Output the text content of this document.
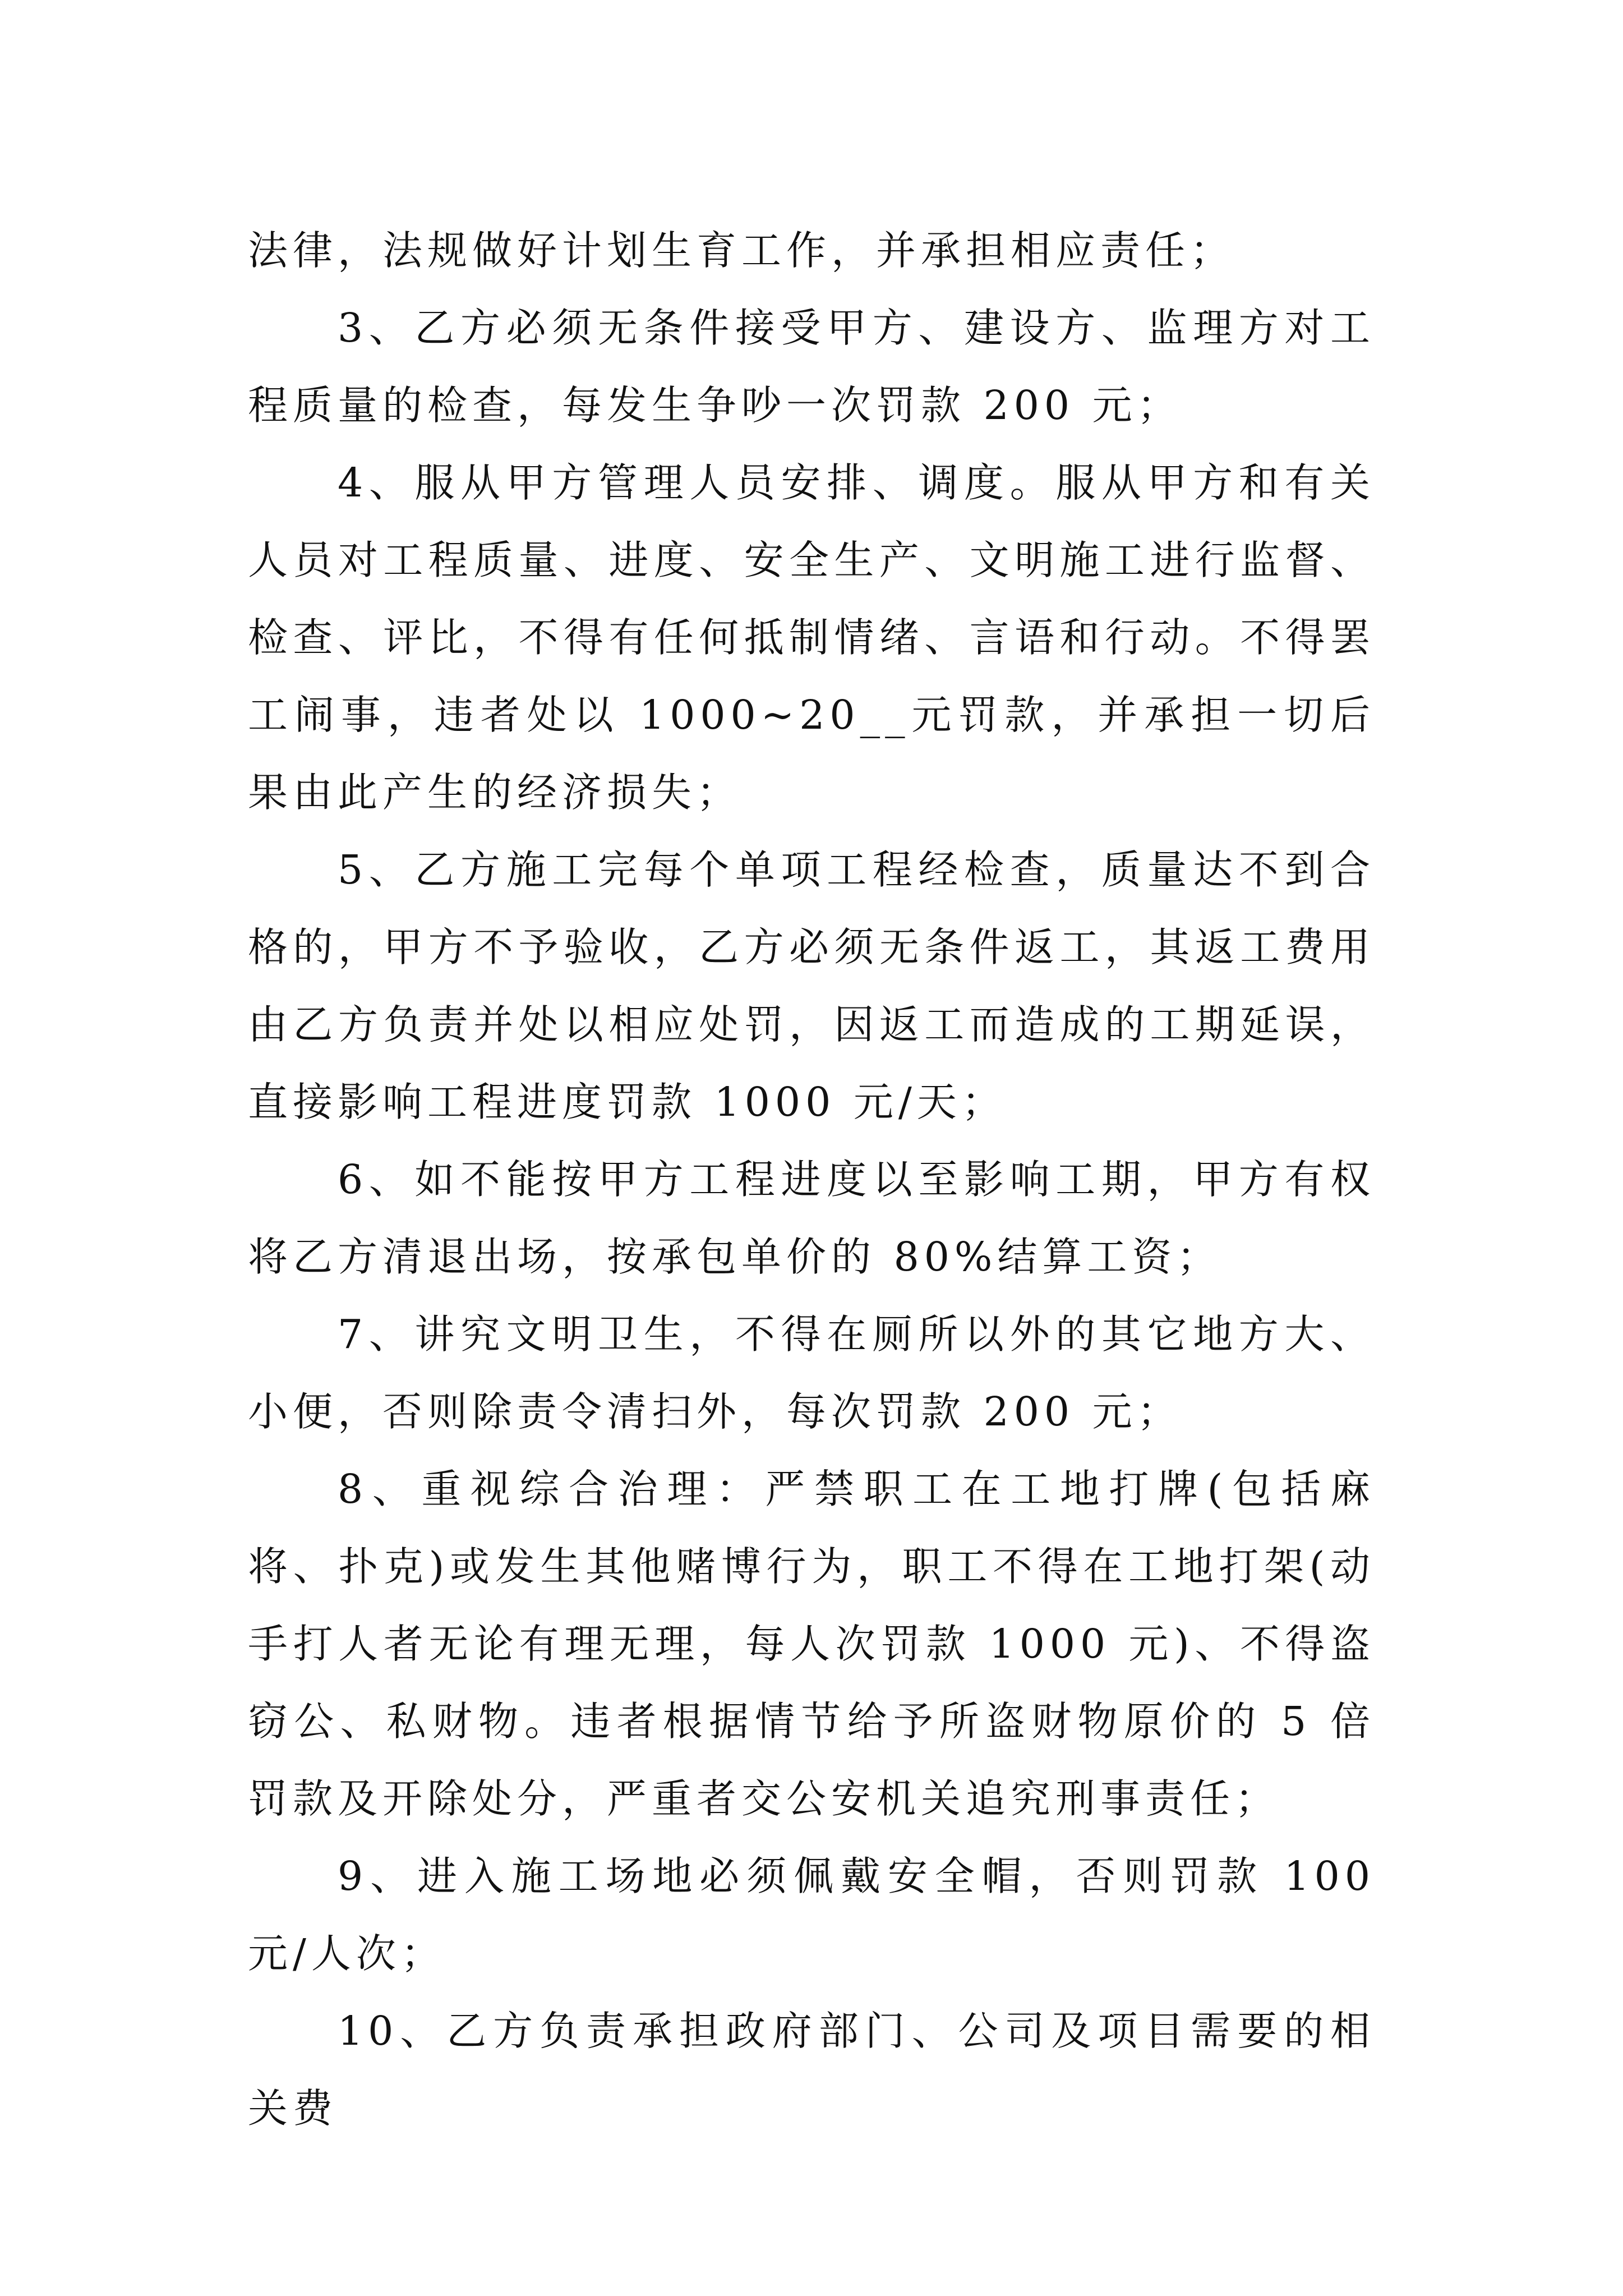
法律，法规做好计划生育工作，并承担相应责任；

3、乙方必须无条件接受甲方、建设方、监理方对工程质量的检查，每发生争吵一次罚款 200 元；

4、服从甲方管理人员安排、调度。服从甲方和有关人员对工程质量、进度、安全生产、文明施工进行监督、检查、评比，不得有任何抵制情绪、言语和行动。不得罢工闹事，违者处以 1000~20__元罚款，并承担一切后果由此产生的经济损失；

5、乙方施工完每个单项工程经检查，质量达不到合格的，甲方不予验收，乙方必须无条件返工，其返工费用由乙方负责并处以相应处罚，因返工而造成的工期延误，直接影响工程进度罚款 1000 元/天；

6、如不能按甲方工程进度以至影响工期，甲方有权将乙方清退出场，按承包单价的 80%结算工资；

7、讲究文明卫生，不得在厕所以外的其它地方大、小便，否则除责令清扫外，每次罚款 200 元；

8、重视综合治理：严禁职工在工地打牌(包括麻将、扑克)或发生其他赌博行为，职工不得在工地打架(动手打人者无论有理无理，每人次罚款 1000 元)、不得盗窃公、私财物。违者根据情节给予所盗财物原价的 5 倍罚款及开除处分，严重者交公安机关追究刑事责任；

9、进入施工场地必须佩戴安全帽，否则罚款 100 元/人次；

10、乙方负责承担政府部门、公司及项目需要的相关费
